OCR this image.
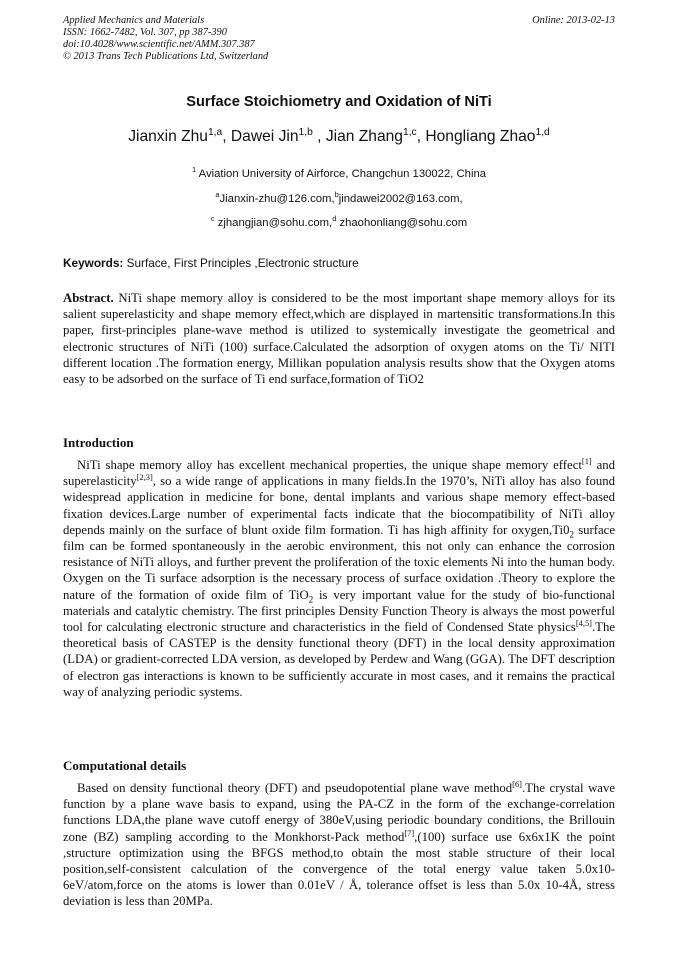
Applied Mechanics and Materials
ISSN: 1662-7482, Vol. 307, pp 387-390
doi:10.4028/www.scientific.net/AMM.307.387
© 2013 Trans Tech Publications Ltd, Switzerland
Online: 2013-02-13
Surface Stoichiometry and Oxidation of NiTi
Jianxin Zhu$^{1,a}$, Dawei Jin$^{1,b}$ , Jian Zhang$^{1,c}$, Hongliang Zhao$^{1,d}$
$^1$ Aviation University of Airforce, Changchun 130022, China
$^a$Jianxin-zhu@126.com,$^b$jindawei2002@163.com,
$^c$ zjhangjian@sohu.com,$^d$ zhaohonliang@sohu.com
Keywords: Surface, First Principles ,Electronic structure
Abstract. NiTi shape memory alloy is considered to be the most important shape memory alloys for its salient superelasticity and shape memory effect,which are displayed in martensitic transformations.In this paper, first-principles plane-wave method is utilized to systemically investigate the geometrical and electronic structures of NiTi (100) surface.Calculated the adsorption of oxygen atoms on the Ti/ NITI different location .The formation energy, Millikan population analysis results show that the Oxygen atoms easy to be adsorbed on the surface of Ti end surface,formation of TiO2
Introduction
NiTi shape memory alloy has excellent mechanical properties, the unique shape memory effect[1] and superelasticity[2,3], so a wide range of applications in many fields.In the 1970’s, NiTi alloy has also found widespread application in medicine for bone, dental implants and various shape memory effect-based fixation devices.Large number of experimental facts indicate that the biocompatibility of NiTi alloy depends mainly on the surface of blunt oxide film formation. Ti has high affinity for $oxygen,Ti0_2$ surface film can be formed spontaneously in the aerobic environment, this not only can enhance the corrosion resistance of NiTi alloys, and further prevent the proliferation of the toxic elements Ni into the human body. Oxygen on the Ti surface adsorption is the necessary process of surface oxidation .Theory to explore the nature of the formation of oxide film of TiO$_2$ is very important value for the study of bio-functional materials and catalytic chemistry. The first principles Density Function Theory is always the most powerful tool for calculating electronic structure and characteristics in the field of Condensed State physics[4,5].The theoretical basis of CASTEP is the density functional theory (DFT) in the local density approximation (LDA) or gradient-corrected LDA version, as developed by Perdew and Wang (GGA). The DFT description of electron gas interactions is known to be sufficiently accurate in most cases, and it remains the practical way of analyzing periodic systems.
Computational details
Based on density functional theory (DFT) and pseudopotential plane wave method[6].The crystal wave function by a plane wave basis to expand, using the PA-CZ in the form of the exchange-correlation functions LDA,the plane wave cutoff energy of 380eV,using periodic boundary conditions, the Brillouin zone (BZ) sampling according to the Monkhorst-Pack method[7],(100) surface use 6x6x1K the point ,structure optimization using the BFGS method,to obtain the most stable structure of their local position,self-consistent calculation of the convergence of the total energy value taken 5.0x10-6eV/atom,force on the atoms is lower than 0.01eV / Å, tolerance offset is less than 5.0x 10-4Å, stress deviation is less than 20MPa.
